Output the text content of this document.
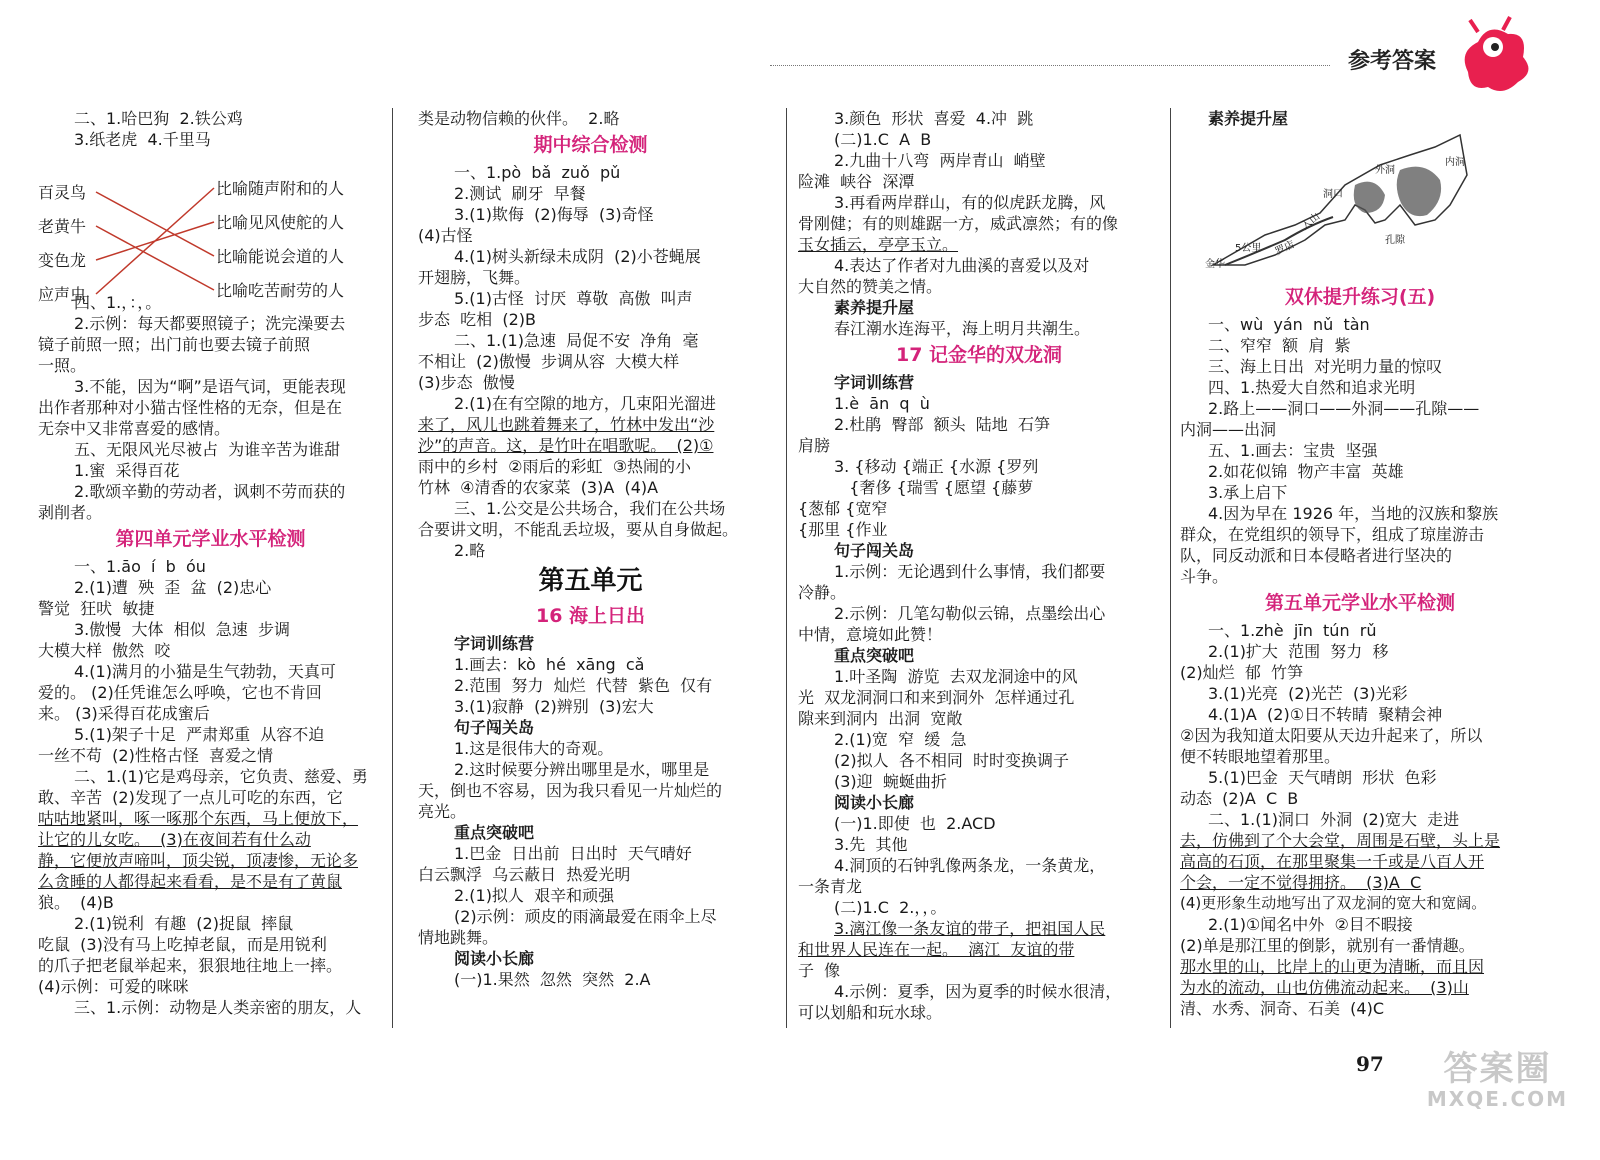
参考答案
二、1.哈巴狗  2.铁公鸡
3.纸老虎  4.千里马
四、1.，：，。
2.示例：每天都要照镜子；洗完澡要去
镜子前照一照；出门前也要去镜子前照
一照。
3.不能，因为“啊”是语气词，更能表现
出作者那种对小猫古怪性格的无奈，但是在
无奈中又非常喜爱的感情。
五、无限风光尽被占  为谁辛苦为谁甜
1.蜜  采得百花
2.歌颂辛勤的劳动者，讽刺不劳而获的
剥削者。
第四单元学业水平检测
一、1.āo  í  b  óu
2.(1)遭  殃  歪  盆  (2)忠心
警觉  狂吠  敏捷
3.傲慢  大体  相似  急速  步调
大模大样  傲然  咬
4.(1)满月的小猫是生气勃勃，天真可
爱的。 (2)任凭谁怎么呼唤，它也不肯回
来。 (3)采得百花成蜜后
5.(1)架子十足  严肃郑重  从容不迫
一丝不苟  (2)性格古怪  喜爱之情
二、1.(1)它是鸡母亲，它负责、慈爱、勇
敢、辛苦  (2)发现了一点儿可吃的东西，它
咕咕地紧叫，啄一啄那个东西，马上便放下，
让它的儿女吃。  (3)在夜间若有什么动
静，它便放声啼叫，顶尖锐，顶凄惨，无论多
么贪睡的人都得起来看看，是不是有了黄鼠
狼。  (4)B
2.(1)锐利  有趣  (2)捉鼠  摔鼠
吃鼠  (3)没有马上吃掉老鼠，而是用锐利
的爪子把老鼠举起来，狠狠地往地上一摔。
(4)示例：可爱的咪咪
三、1.示例：动物是人类亲密的朋友，人
百灵鸟
老黄牛
变色龙
应声虫
比喻随声附和的人
比喻见风使舵的人
比喻能说会道的人
比喻吃苦耐劳的人
类是动物信赖的伙伴。  2.略
期中综合检测
一、1.pò  bǎ  zuǒ  pǔ
2.测试  刷牙  早餐
3.(1)欺侮  (2)侮辱  (3)奇怪
(4)古怪
4.(1)树头新绿未成阴  (2)小苍蝇展
开翅膀，飞舞。
5.(1)古怪  讨厌  尊敬  高傲  叫声
步态  吃相  (2)B
二、1.(1)急速  局促不安  净角  毫
不相让  (2)傲慢  步调从容  大模大样
(3)步态  傲慢
2.(1)在有空隙的地方，几束阳光溜进
来了，风儿也跳着舞来了，竹林中发出“沙
沙”的声音。这，是竹叶在唱歌呢。  (2)①
雨中的乡村  ②雨后的彩虹  ③热闹的小
竹林  ④清香的农家菜  (3)A  (4)A
三、1.公交是公共场合，我们在公共场
合要讲文明，不能乱丢垃圾，要从自身做起。
2.略
第五单元
16 海上日出
字词训练营
1.画去：kò  hé  xāng  cǎ
2.范围  努力  灿烂  代替  紫色  仅有
3.(1)寂静  (2)辨别  (3)宏大
句子闯关岛
1.这是很伟大的奇观。
2.这时候要分辨出哪里是水，哪里是
天，倒也不容易，因为我只看见一片灿烂的
亮光。
重点突破吧
1.巴金  日出前  日出时  天气晴好
白云飘浮  乌云蔽日  热爱光明
2.(1)拟人  艰辛和顽强
(2)示例：顽皮的雨滴最爱在雨伞上尽
情地跳舞。
阅读小长廊
(一)1.果然  忽然  突然  2.A
3.颜色  形状  喜爱  4.冲  跳
(二)1.C  A  B
2.九曲十八弯  两岸青山  峭壁
险滩  峡谷  深潭
3.再看两岸群山，有的似虎跃龙腾，风
骨刚健；有的则雄踞一方，威武凛然；有的像
玉女插云，亭亭玉立。
4.表达了作者对九曲溪的喜爱以及对
大自然的赞美之情。
素养提升屋
春江潮水连海平，海上明月共潮生。
17 记金华的双龙洞
字词训练营
1.è  ān  q  ù
2.杜鹃  臀部  额头  陆地  石笋
肩膀
3. {移动 {端正 {水源 {罗列
{奢侈 {瑞雪 {愿望 {藤萝
{葱郁 {宽窄
{那里 {作业
句子闯关岛
1.示例：无论遇到什么事情，我们都要
冷静。
2.示例：几笔勾勒似云锦，点墨绘出心
中情，意境如此赞！
重点突破吧
1.叶圣陶  游览  去双龙洞途中的风
光  双龙洞洞口和来到洞外  怎样通过孔
隙来到洞内  出洞  宽敞
2.(1)宽  窄  缓  急
(2)拟人  各不相同  时时变换调子
(3)迎  蜿蜒曲折
阅读小长廊
(一)1.即使  也  2.ACD
3.先  其他
4.洞顶的石钟乳像两条龙，一条黄龙，
一条青龙
(二)1.C  2.，，。
3.漓江像一条友谊的带子，把祖国人民
和世界人民连在一起。  漓江  友谊的带
子  像
4.示例：夏季，因为夏季的时候水很清，
可以划船和玩水球。
素养提升屋
双休提升练习(五)
一、wù  yán  nǔ  tàn
二、窄窄  额  肩  紫
三、海上日出  对光明力量的惊叹
四、1.热爱大自然和追求光明
2.路上——洞口——外洞——孔隙——
内洞——出洞
五、1.画去：宝贵  坚强
2.如花似锦  物产丰富  英雄
3.承上启下
4.因为早在 1926 年，当地的汉族和黎族
群众，在党组织的领导下，组成了琼崖游击
队，同反动派和日本侵略者进行坚决的
斗争。
第五单元学业水平检测
一、1.zhè  jīn  tún  rǔ
2.(1)扩大  范围  努力  移
(2)灿烂  郁  竹笋
3.(1)光亮  (2)光芒  (3)光彩
4.(1)A  (2)①日不转睛  聚精会神
②因为我知道太阳要从天边升起来了，所以
便不转眼地望着那里。
5.(1)巴金  天气晴朗  形状  色彩
动态  (2)A  C  B
二、1.(1)洞口  外洞  (2)宽大  走进
去，仿佛到了个大会堂，周围是石壁，头上是
高高的石顶，在那里聚集一千或是八百人开
个会，一定不觉得拥挤。  (3)A  C
(4)更形象生动地写出了双龙洞的宽大和宽阔。
2.(1)①闻名中外  ②目不暇接
(2)单是那江里的倒影，就别有一番情趣。
那水里的山，比岸上的山更为清晰，而且因
为水的流动，山也仿佛流动起来。  (3)山
清、水秀、洞奇、石美  (4)C
内洞
外洞
洞口
入山
孔隙
罗店
金华
5公里
97	答案圈
MXQE.COM
